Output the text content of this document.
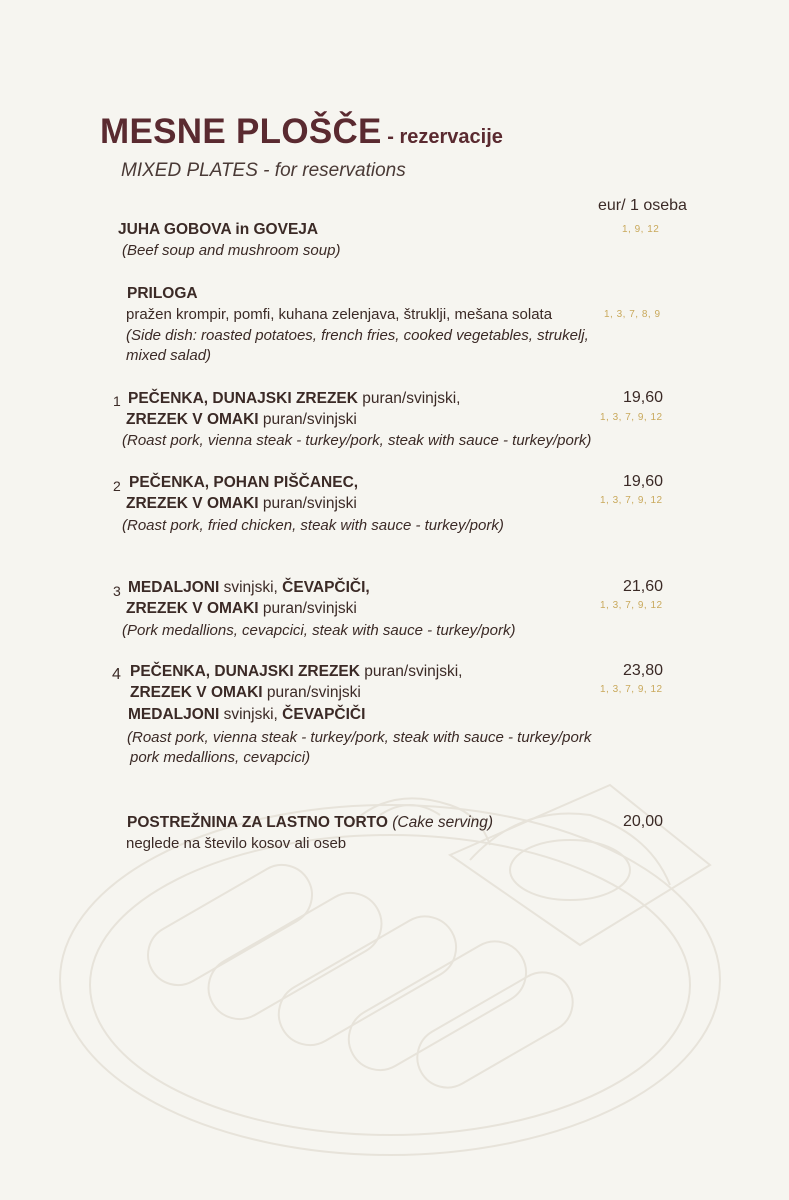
MESNE PLOŠČE - rezervacije
MIXED PLATES - for reservations
eur/ 1 oseba
JUHA GOBOVA in GOVEJA	1, 9, 12
(Beef soup and mushroom soup)
PRILOGA
pražen krompir, pomfi, kuhana zelenjava, štruklji, mešana solata	1, 3, 7, 8, 9
(Side dish: roasted potatoes, french fries, cooked vegetables, strukelj,
mixed salad)
1 PEČENKA, DUNAJSKI ZREZEK puran/svinjski,
ZREZEK V OMAKI puran/svinjski
(Roast pork, vienna steak - turkey/pork, steak with sauce - turkey/pork)
19,60
1, 3, 7, 9, 12
2 PEČENKA, POHAN PIŠČANEC,
ZREZEK V OMAKI puran/svinjski
(Roast pork, fried chicken, steak with sauce - turkey/pork)
19,60
1, 3, 7, 9, 12
3 MEDALJONI svinjski, ČEVAPČIČI,
ZREZEK V OMAKI puran/svinjski
(Pork medallions, cevapcici, steak with sauce - turkey/pork)
21,60
1, 3, 7, 9, 12
4 PEČENKA, DUNAJSKI ZREZEK puran/svinjski,
ZREZEK V OMAKI puran/svinjski
MEDALJONI svinjski, ČEVAPČIČI
(Roast pork, vienna steak - turkey/pork, steak with sauce - turkey/pork
pork medallions, cevapcici)
23,80
1, 3, 7, 9, 12
POSTREŽNINA ZA LASTNO TORTO (Cake serving)
neglede na število kosov ali oseb
20,00
